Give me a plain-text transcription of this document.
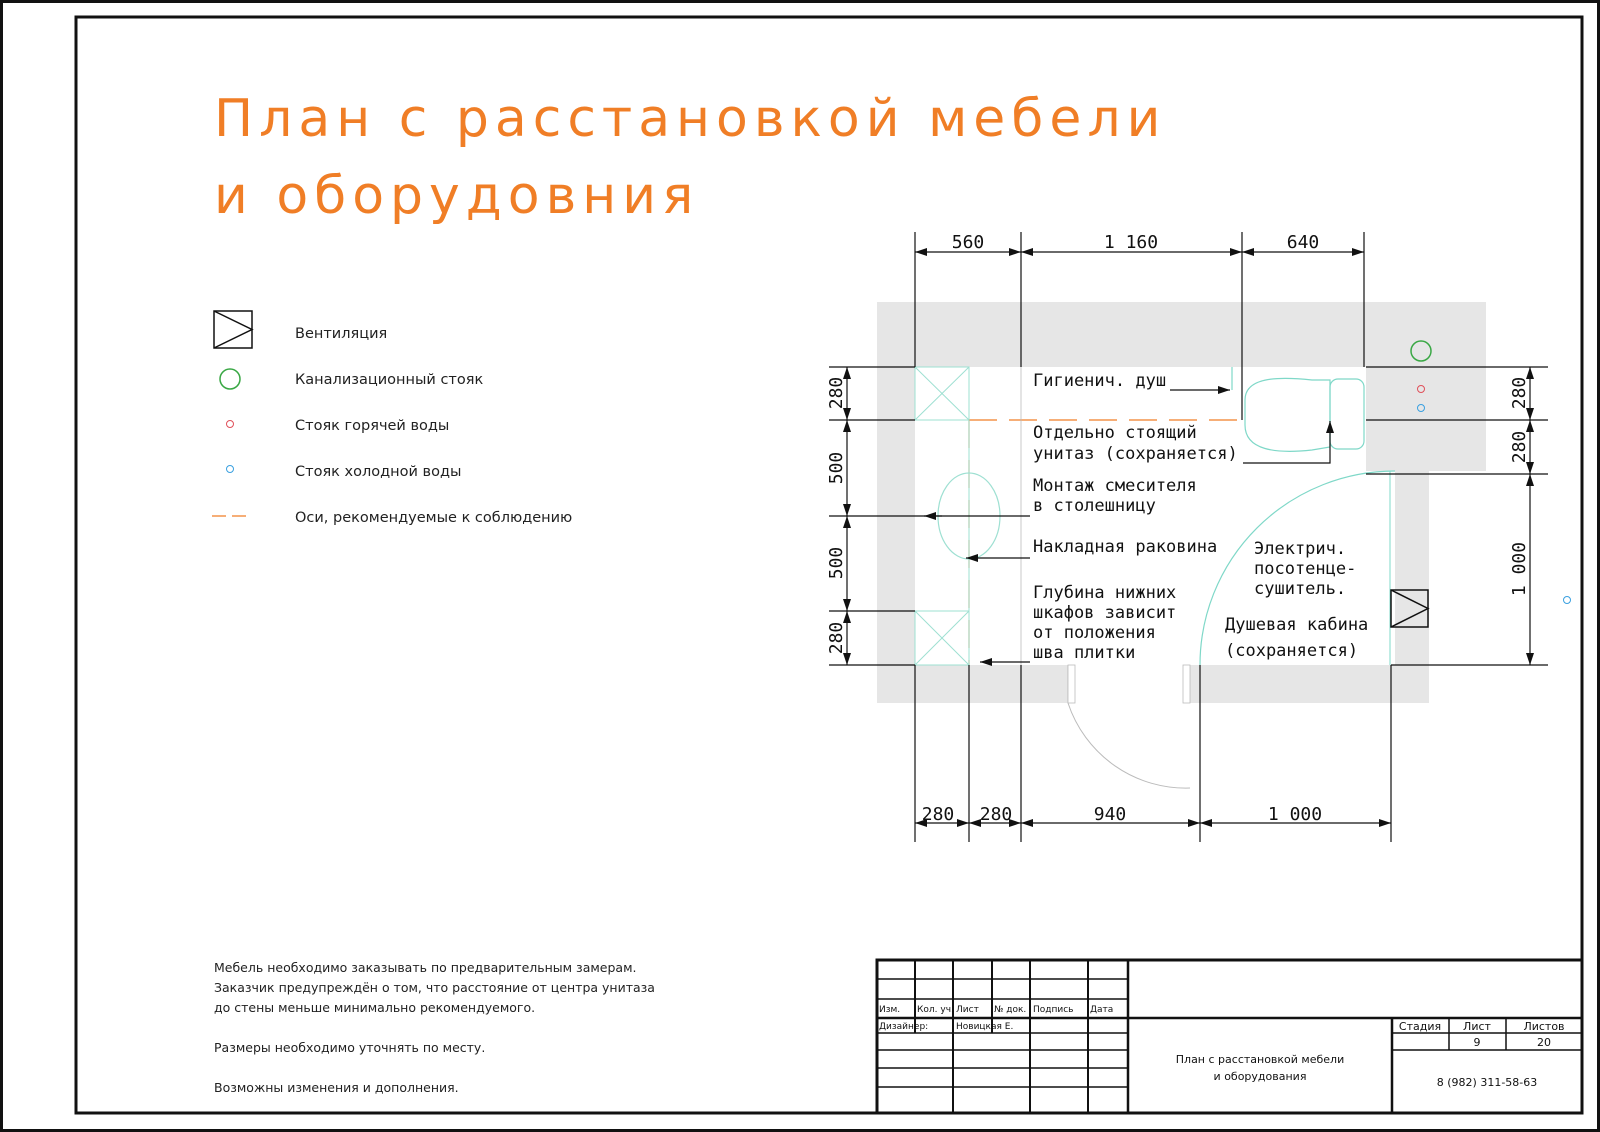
План с расстановкой мебели
и оборудовния
Вентиляция
Канализационный стояк
Стояк горячей воды
Стояк холодной воды
Оси, рекомендуемые к соблюдению
560	1 160	640
280 280	940	1 000
280
500
500
280
280
280
1 000
Гигиенич. душ
Отдельно стоящий
унитаз (сохраняется)
Монтаж смесителя
в столешницу
Накладная раковина
Глубина нижних
шкафов зависит
от положения
шва плитки
Электрич.
посотенце-
сушитель.
Душевая кабина
(сохраняется)
Мебель необходимо заказывать по предварительным замерам.
Заказчик предупреждён о том, что расстояние от центра унитаза
до стены меньше минимально рекомендуемого.
Размеры необходимо уточнять по месту.
Возможны изменения и дополнения.
Изм. Кол. уч. Лист № док. Подпись Дата
Дизайнер:	Новицкая Е.
План с расстановкой мебели
и оборудования
Стадия Лист	Листов
9	20
8 (982) 311-58-63
